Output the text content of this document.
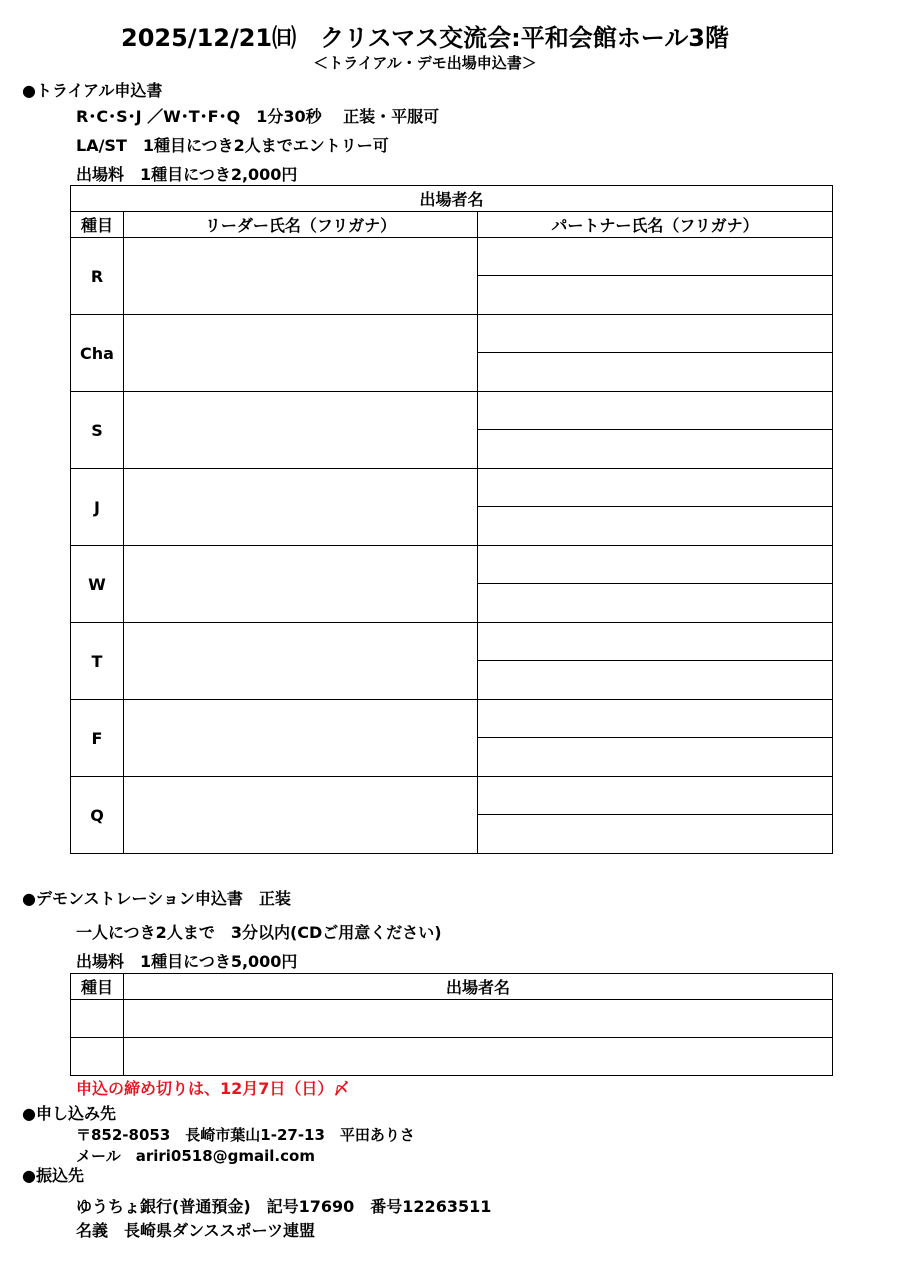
2025/12/21㈰　クリスマス交流会:平和会館ホール3階
＜トライアル・デモ出場申込書＞
●トライアル申込書
R･C･S･J ／W･T･F･Q　1分30秒　 正装・平服可
LA/ST　1種目につき2人までエントリー可
出場料　1種目につき2,000円
出場者名		
種目	リーダー氏名（フリガナ）	パートナー氏名（フリガナ）
R		

Cha		

S		

J		

W		

T		

F		

Q		

●デモンストレーション申込書　正装
一人につき2人まで　3分以内(CDご用意ください)
出場料　1種目につき5,000円
種目	出場者名

申込の締め切りは、12月7日（日）〆
●申し込み先
〒852-8053　長崎市葉山1-27-13　平田ありさ
メール　ariri0518@gmail.com
●振込先
ゆうちょ銀行(普通預金)　記号17690　番号12263511
名義　長崎県ダンススポーツ連盟
